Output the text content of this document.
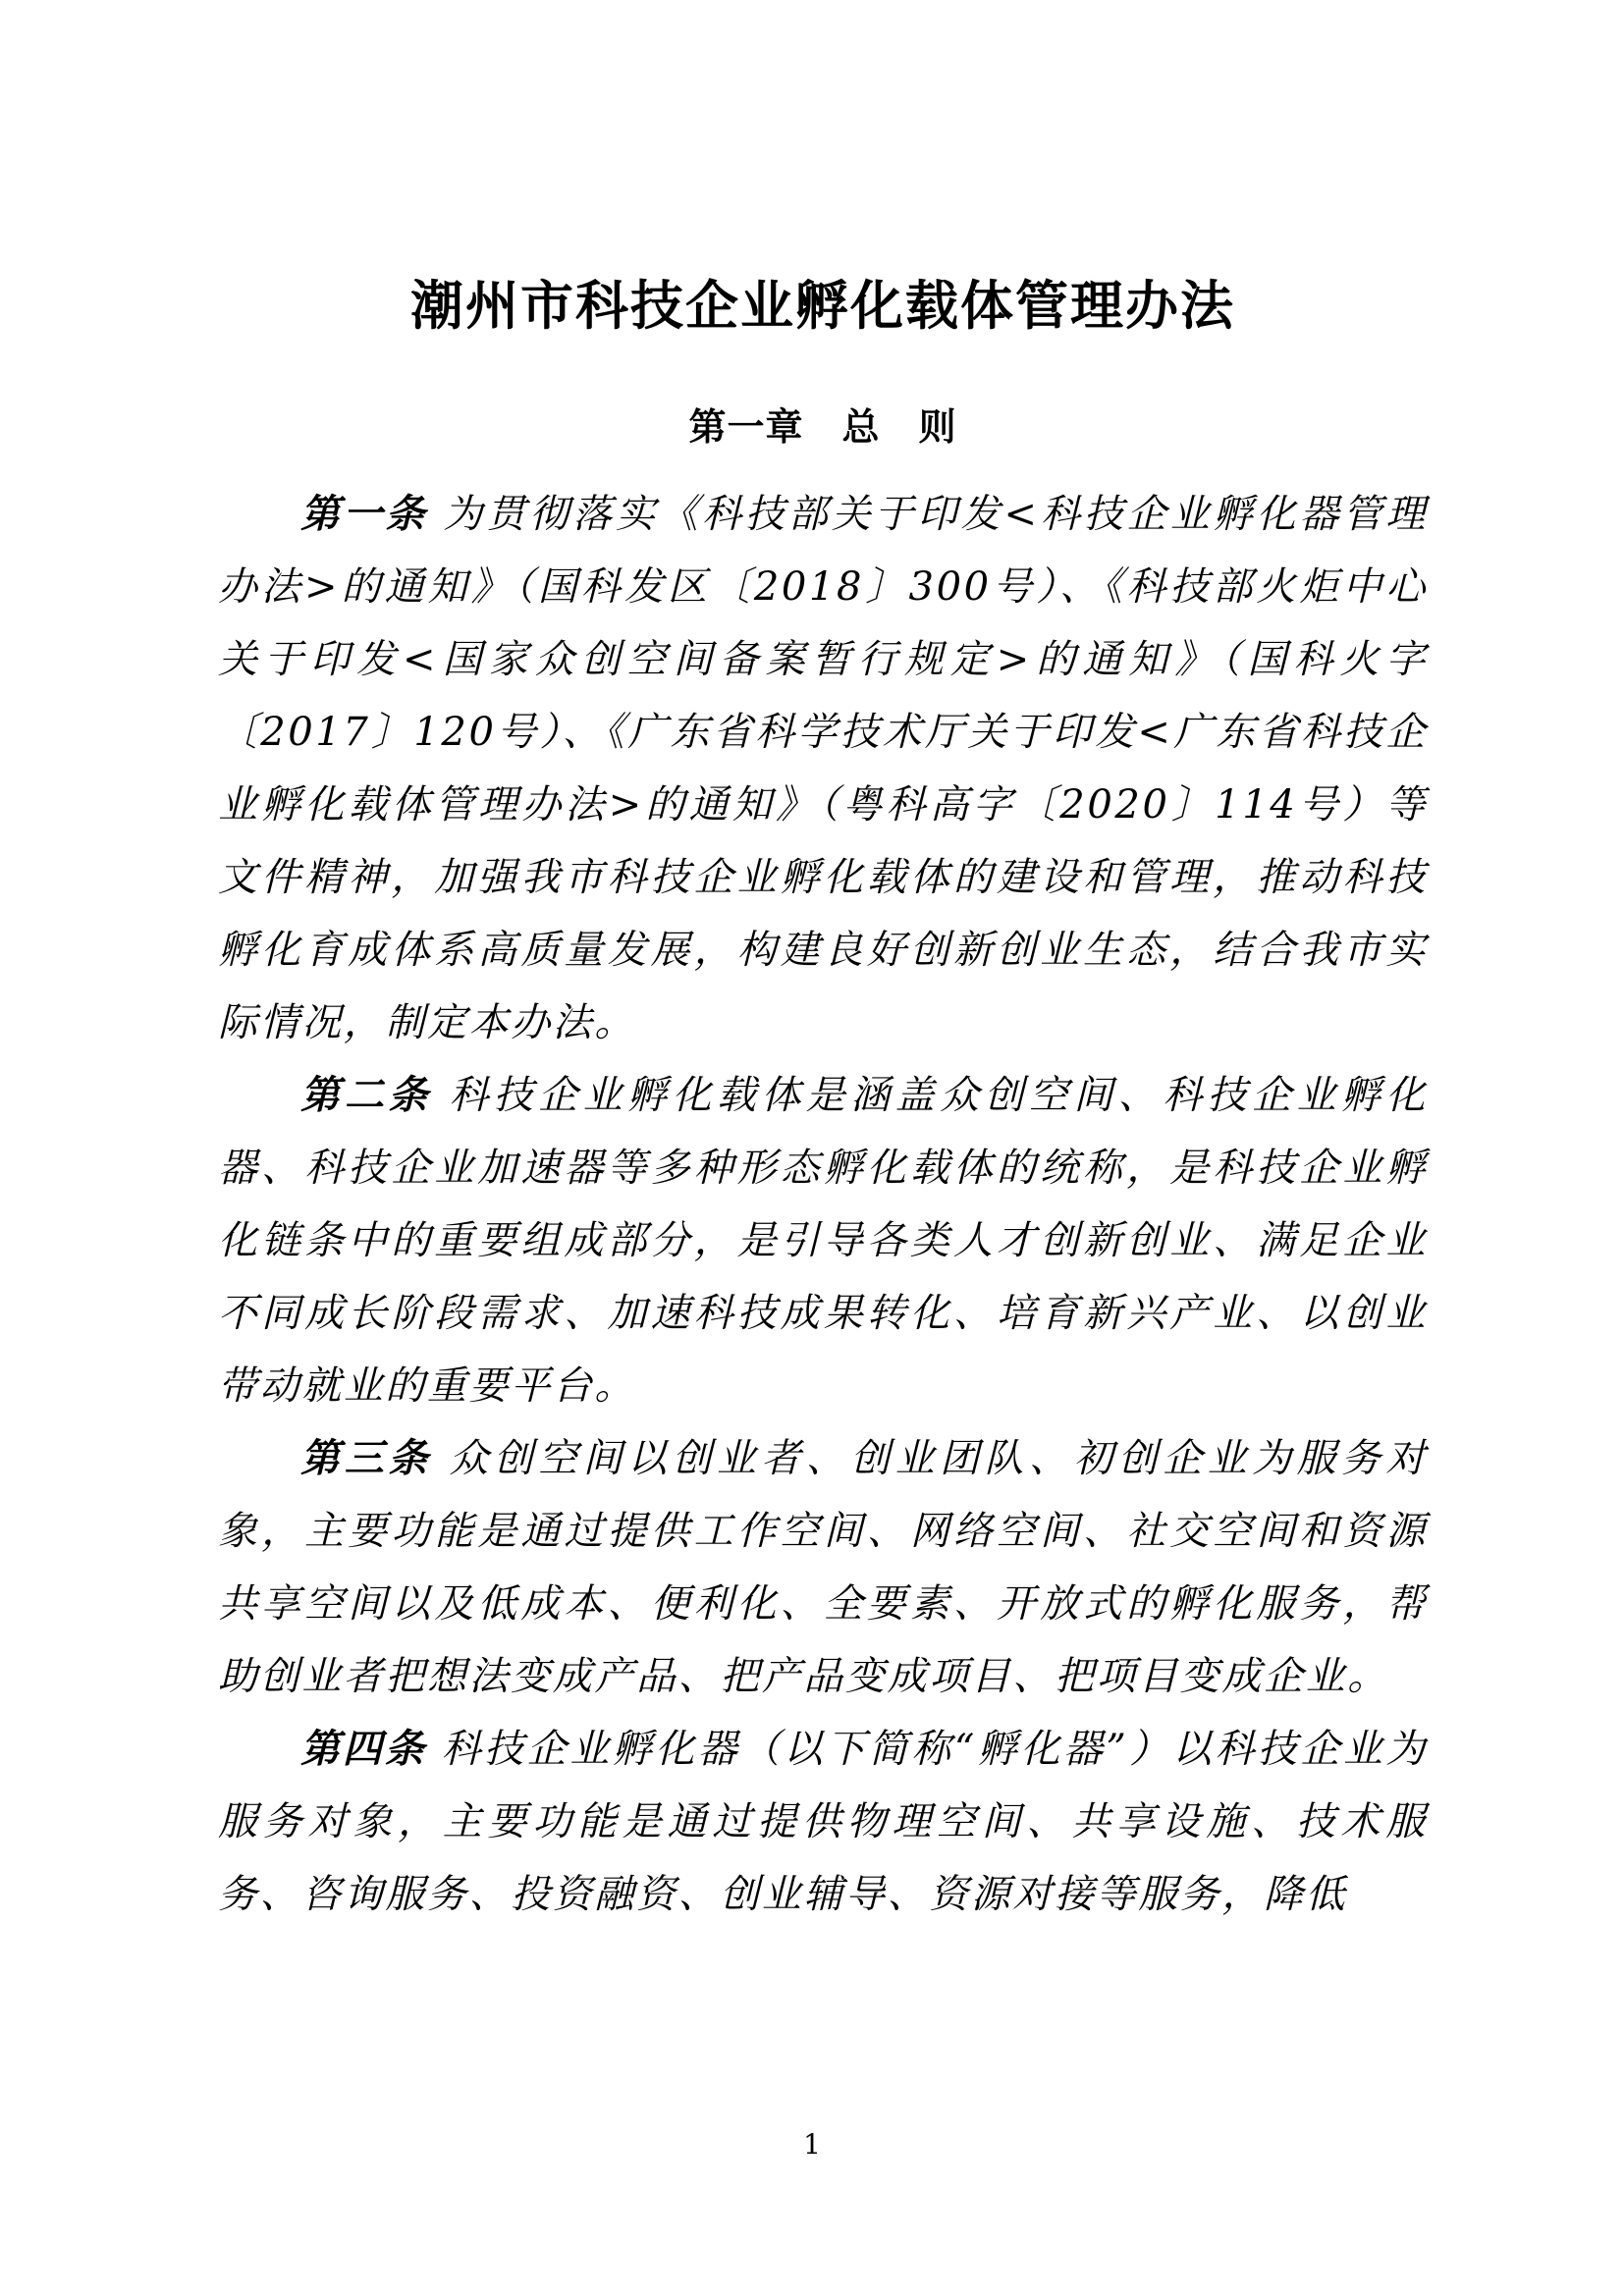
潮州市科技企业孵化载体管理办法
第一章　总　则

第一条 为贯彻落实《科技部关于印发<科技企业孵化器管理办法>的通知》（国科发区〔2018〕300号）、《科技部火炬中心关于印发<国家众创空间备案暂行规定>的通知》（国科火字〔2017〕120号）、《广东省科学技术厅关于印发<广东省科技企业孵化载体管理办法>的通知》（粤科高字〔2020〕114号）等文件精神，加强我市科技企业孵化载体的建设和管理，推动科技孵化育成体系高质量发展，构建良好创新创业生态，结合我市实际情况，制定本办法。

第二条 科技企业孵化载体是涵盖众创空间、科技企业孵化器、科技企业加速器等多种形态孵化载体的统称，是科技企业孵化链条中的重要组成部分，是引导各类人才创新创业、满足企业不同成长阶段需求、加速科技成果转化、培育新兴产业、以创业带动就业的重要平台。

第三条 众创空间以创业者、创业团队、初创企业为服务对象，主要功能是通过提供工作空间、网络空间、社交空间和资源共享空间以及低成本、便利化、全要素、开放式的孵化服务，帮助创业者把想法变成产品、把产品变成项目、把项目变成企业。

第四条 科技企业孵化器（以下简称“孵化器”）以科技企业为服务对象，主要功能是通过提供物理空间、共享设施、技术服务、咨询服务、投资融资、创业辅导、资源对接等服务，降低

1
